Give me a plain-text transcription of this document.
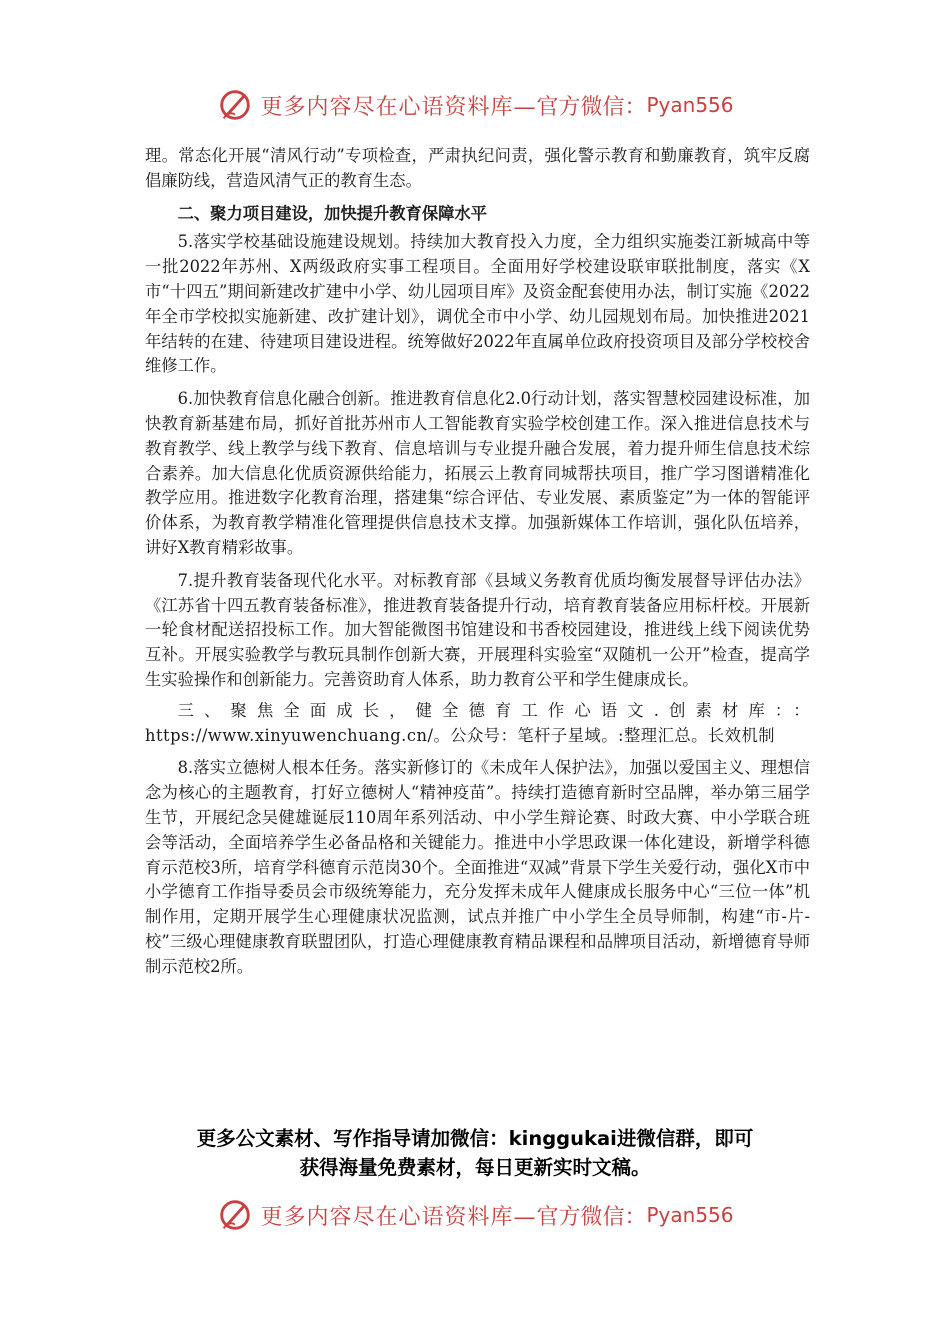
更多内容尽在心语资料库— 官方微信： Pyan556

理。常态化开展“清风行动”专项检查，严肃执纪问责，强化警示教育和勤廉教育，筑牢反腐倡廉防线，营造风清气正的教育生态。

二、聚力项目建设，加快提升教育保障水平

5.落实学校基础设施建设规划。持续加大教育投入力度，全力组织实施娄江新城高中等一批2022年苏州、X两级政府实事工程项目。全面用好学校建设联审联批制度，落实《X市“十四五”期间新建改扩建中小学、幼儿园项目库》及资金配套使用办法，制订实施《2022年全市学校拟实施新建、改扩建计划》，调优全市中小学、幼儿园规划布局。加快推进2021年结转的在建、待建项目建设进程。统筹做好2022年直属单位政府投资项目及部分学校校舍维修工作。

6.加快教育信息化融合创新。推进教育信息化2.0行动计划，落实智慧校园建设标准，加快教育新基建布局，抓好首批苏州市人工智能教育实验学校创建工作。深入推进信息技术与教育教学、线上教学与线下教育、信息培训与专业提升融合发展，着力提升师生信息技术综合素养。加大信息化优质资源供给能力，拓展云上教育同城帮扶项目，推广学习图谱精准化教学应用。推进数字化教育治理，搭建集“综合评估、专业发展、素质鉴定”为一体的智能评价体系，为教育教学精准化管理提供信息技术支撑。加强新媒体工作培训，强化队伍培养，讲好X教育精彩故事。

7.提升教育装备现代化水平。对标教育部《县域义务教育优质均衡发展督导评估办法》《江苏省十四五教育装备标准》，推进教育装备提升行动，培育教育装备应用标杆校。开展新一轮食材配送招投标工作。加大智能微图书馆建设和书香校园建设，推进线上线下阅读优势互补。开展实验教学与教玩具制作创新大赛，开展理科实验室“双随机一公开”检查，提高学生实验操作和创新能力。完善资助育人体系，助力教育公平和学生健康成长。

三、聚焦全面成长，健全德育工作心语文.创素材库：：https://www.xinyuwenchuang.cn/。公众号：笔杆子星域。:整理汇总。长效机制

8.落实立德树人根本任务。落实新修订的《未成年人保护法》，加强以爱国主义、理想信念为核心的主题教育，打好立德树人“精神疫苗”。持续打造德育新时空品牌，举办第三届学生节，开展纪念吴健雄诞辰110周年系列活动、中小学生辩论赛、时政大赛、中小学联合班会等活动，全面培养学生必备品格和关键能力。推进中小学思政课一体化建设，新增学科德育示范校3所，培育学科德育示范岗30个。全面推进“双减”背景下学生关爱行动，强化X市中小学德育工作指导委员会市级统筹能力，充分发挥未成年人健康成长服务中心“三位一体”机制作用，定期开展学生心理健康状况监测，试点并推广中小学生全员导师制，构建“市-片-校”三级心理健康教育联盟团队，打造心理健康教育精品课程和品牌项目活动，新增德育导师制示范校2所。

更多公文素材、写作指导请加微信：kinggukai进微信群，即可
获得海量免费素材，每日更新实时文稿。
更多内容尽在心语资料库— 官方微信： Pyan556
